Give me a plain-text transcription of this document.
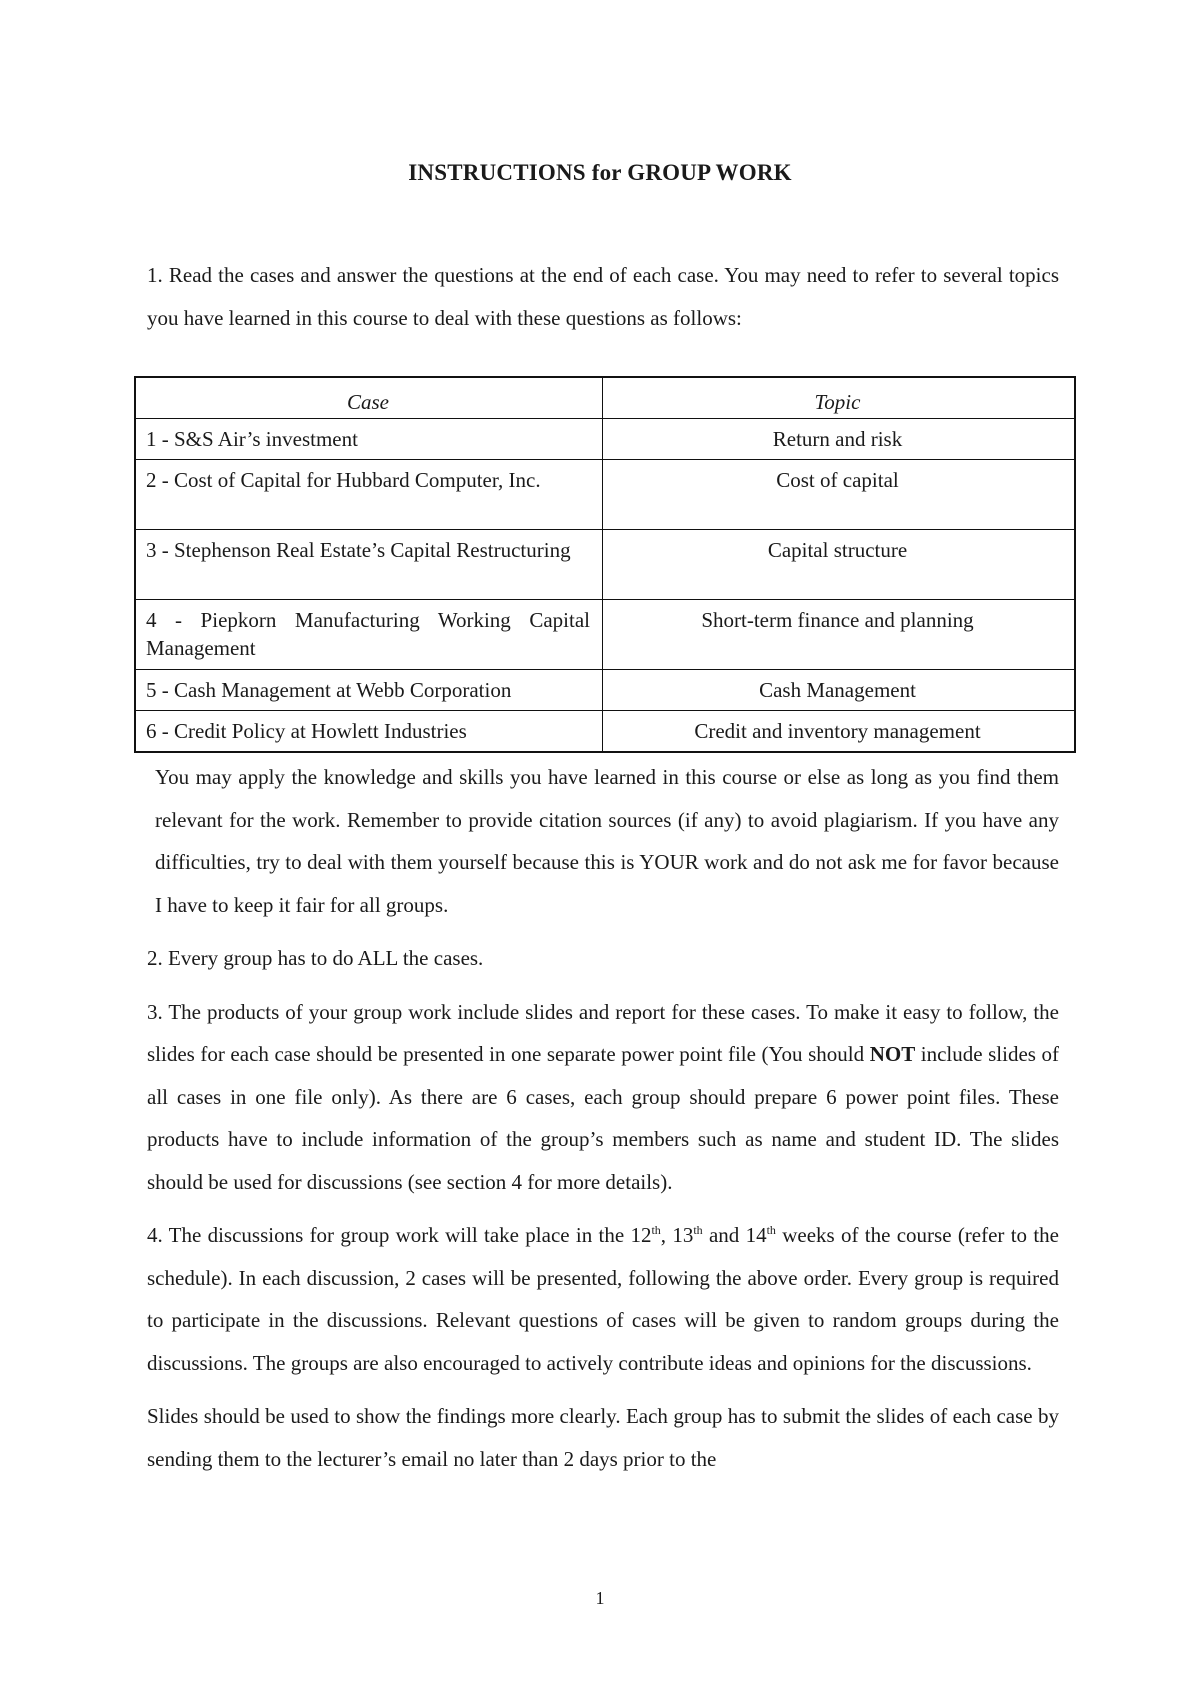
INSTRUCTIONS for GROUP WORK

1. Read the cases and answer the questions at the end of each case. You may need to refer to several topics you have learned in this course to deal with these questions as follows:

Case	Topic
1 - S&S Air’s investment	Return and risk
2 - Cost of Capital for Hubbard Computer, Inc.	Cost of capital
3 - Stephenson Real Estate’s Capital Restructuring	Capital structure
4 - Piepkorn Manufacturing Working Capital Management	Short-term finance and planning
5 - Cash Management at Webb Corporation	Cash Management
6 - Credit Policy at Howlett Industries	Credit and inventory management

You may apply the knowledge and skills you have learned in this course or else as long as you find them relevant for the work. Remember to provide citation sources (if any) to avoid plagiarism. If you have any difficulties, try to deal with them yourself because this is YOUR work and do not ask me for favor because I have to keep it fair for all groups.

2. Every group has to do ALL the cases.

3. The products of your group work include slides and report for these cases. To make it easy to follow, the slides for each case should be presented in one separate power point file (You should NOT include slides of all cases in one file only). As there are 6 cases, each group should prepare 6 power point files. These products have to include information of the group’s members such as name and student ID. The slides should be used for discussions (see section 4 for more details).

4. The discussions for group work will take place in the 12th, 13th and 14th weeks of the course (refer to the schedule). In each discussion, 2 cases will be presented, following the above order. Every group is required to participate in the discussions. Relevant questions of cases will be given to random groups during the discussions. The groups are also encouraged to actively contribute ideas and opinions for the discussions.

Slides should be used to show the findings more clearly. Each group has to submit the slides of each case by sending them to the lecturer’s email no later than 2 days prior to the

1
